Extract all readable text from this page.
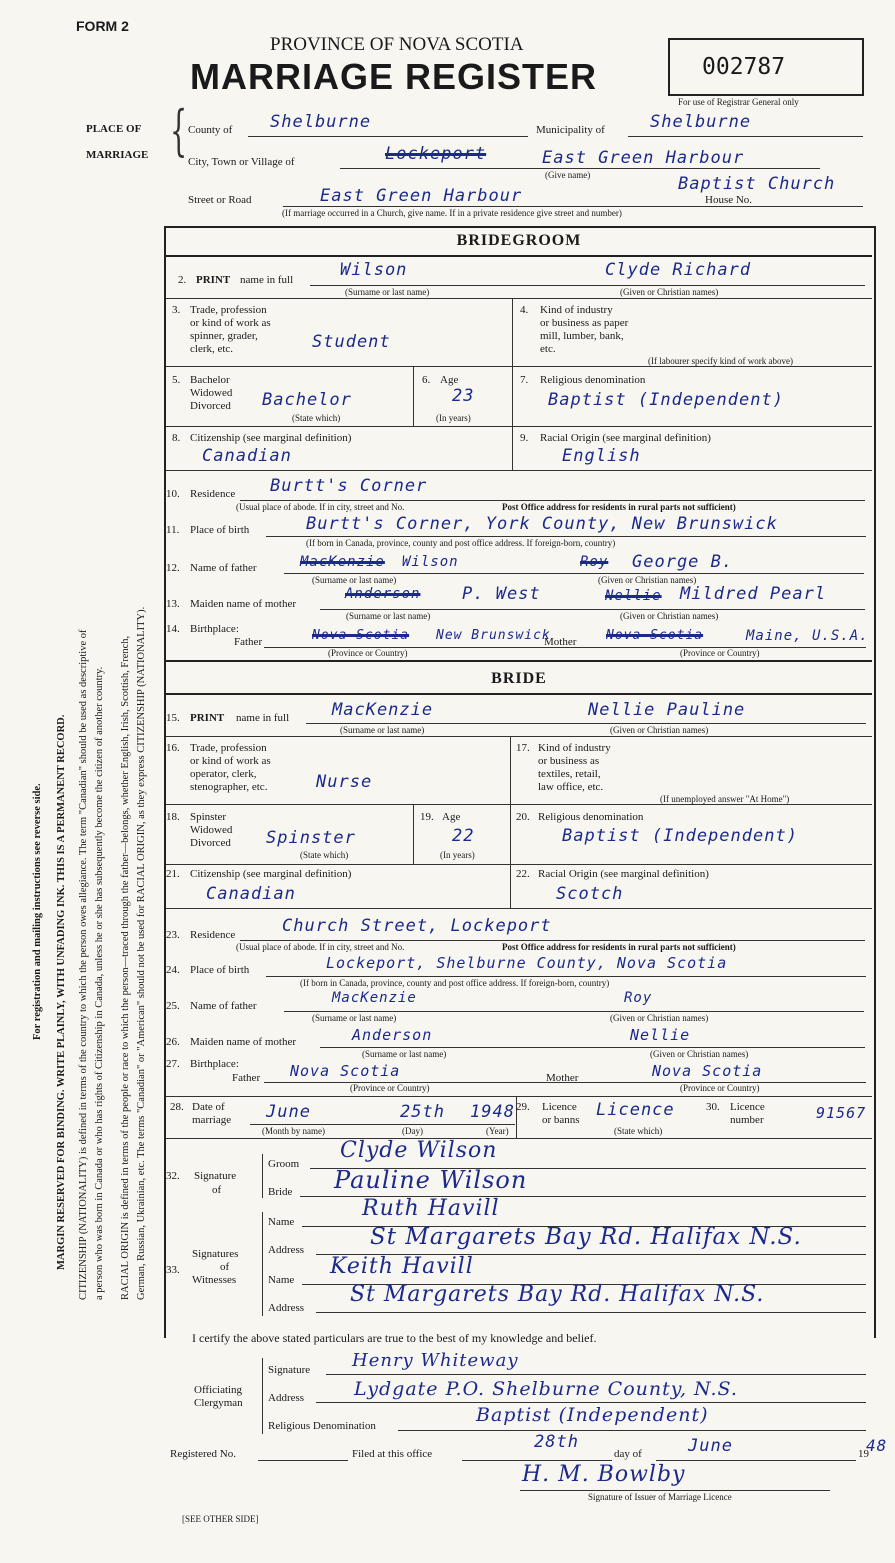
For registration and mailing instructions see reverse side. MARGIN RESERVED FOR BINDING. WRITE PLAINLY, WITH UNFADING INK. THIS IS A PERMANENT RECORD. CITIZENSHIP (NATIONALITY) is defined in terms of the country to which the person owes allegiance. The term "Canadian" should be used as descriptive of a person who was born in Canada or who has rights of Citizenship in Canada, unless he or she has subsequently become the citizen of another country. RACIAL ORIGIN is defined in terms of the people or race to which the person—traced through the father—belongs, whether English, Irish, Scottish, French, German, Russian, Ukrainian, etc. The terms "Canadian" or "American" should not be used for RACIAL ORIGIN, as they express CITIZENSHIP (NATIONALITY).
FORM 2
PROVINCE OF NOVA SCOTIA
MARRIAGE REGISTER	002787
For use of Registrar General only
PLACE OF
MARRIAGE { County of Shelburne	Municipality of	Shelburne
City, Town or Village of	Lockeport	East Green Harbour
(Give name)
Street or Road	East Green Harbour
Baptist Church
House No.
(If marriage occurred in a Church, give name. If in a private residence give street and number)
BRIDEGROOM
2. PRINT name in full	Wilson	Clyde Richard
(Surname or last name)	(Given or Christian names)
3. Trade, profession
or kind of work as
spinner, grader,
clerk, etc.	Student
4. Kind of industry
or business as paper
mill, lumber, bank,
etc.
(If labourer specify kind of work above)
5. Bachelor
Widowed
Divorced Bachelor
(State which)
6. Age
23
(In years)
7. Religious denomination
Baptist (Independent)
8. Citizenship (see marginal definition)
Canadian
9. Racial Origin (see marginal definition)
English
10. Residence Burtt's Corner
(Usual place of abode. If in city, street and No.	Post Office address for residents in rural parts not sufficient)
11. Place of birth	Burtt's Corner, York County, New Brunswick
(If born in Canada, province, county and post office address. If foreign-born, country)
12. Name of father	MacKenzie Wilson	Roy George B.
(Surname or last name)	(Given or Christian names)
13. Maiden name of mother
Anderson P. West	Nellie Mildred Pearl
(Surname or last name)	(Given or Christian names)
14. Birthplace:
Father	Nova Scotia New Brunswick
Mother Nova Scotia	Maine, U.S.A.
(Province or Country)	(Province or Country)
BRIDE
15. PRINT name in full	MacKenzie	Nellie Pauline
(Surname or last name)	(Given or Christian names)
16. Trade, profession
or kind of work as
operator, clerk,
stenographer, etc.	Nurse
17. Kind of industry
or business as
textiles, retail,
law office, etc.
(If unemployed answer "At Home")
18. Spinster
Widowed
Divorced Spinster
(State which)
19. Age
22
(In years)
20. Religious denomination
Baptist (Independent)
21. Citizenship (see marginal definition)
Canadian
22. Racial Origin (see marginal definition)
Scotch
23. Residence	Church Street, Lockeport
(Usual place of abode. If in city, street and No.	Post Office address for residents in rural parts not sufficient)
24. Place of birth	Lockeport, Shelburne County, Nova Scotia
(If born in Canada, province, county and post office address. If foreign-born, country)
25. Name of father	MacKenzie	Roy
(Surname or last name)	(Given or Christian names)
26. Maiden name of mother	Anderson	Nellie
(Surname or last name)	(Given or Christian names)
27. Birthplace:
Father Nova Scotia	Mother	Nova Scotia
(Province or Country)	(Province or Country)
28. Date of
marriage June	25th 1948
(Month by name)	(Day)	(Year)
29. Licence
or banns Licence
(State which)
30. Licence
number	91567
32. Signature
of
Groom
Clyde Wilson
Bride Pauline Wilson
33.
Signatures
of
Witnesses
Name
Ruth Havill
Address	St Margarets Bay Rd. Halifax N.S.
Name
Keith Havill
Address
St Margarets Bay Rd. Halifax N.S.
I certify the above stated particulars are true to the best of my knowledge and belief.
Officiating
Clergyman
Signature Henry Whiteway
Address	Lydgate P.O. Shelburne County, N.S.
Religious Denomination	Baptist (Independent)
Registered No.	Filed at this office
28th
day of	June	19
48
H. M. Bowlby
Signature of Issuer of Marriage Licence
[SEE OTHER SIDE]
